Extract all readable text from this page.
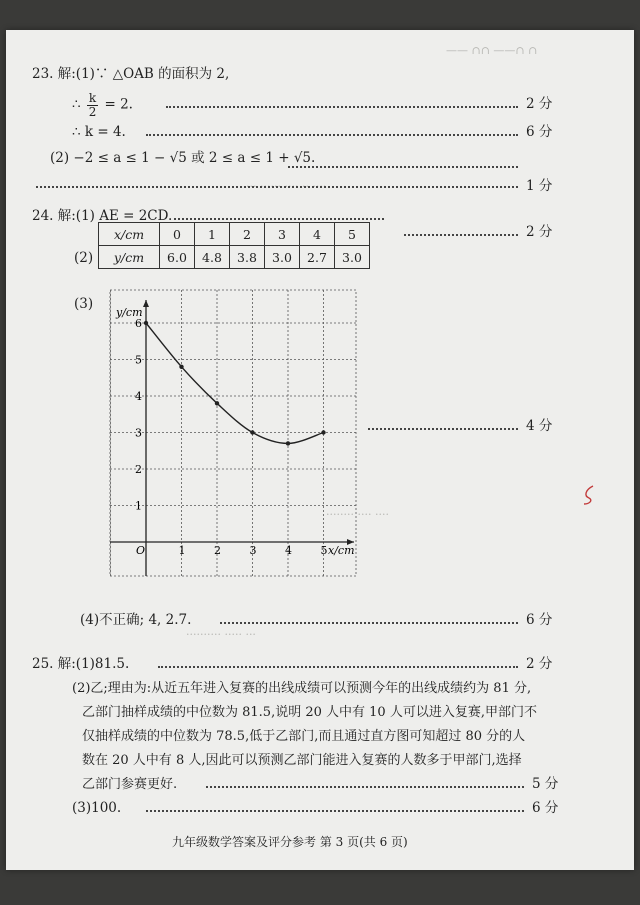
—— ∩∩ ——∩ ∩
··· ······ ···· ·· ····
········ ···· ····
·········· ····· ···
23. 解:(1)∵ △OAB 的面积为 2,
∴ $\frac{k}{2} = 2$.	2 分
∴ k = 4.	6 分
(2) −2 ≤ a ≤ 1 − √5 或 2 ≤ a ≤ 1 + √5.
1 分
24. 解:(1) AE = 2CD.
2 分
(2)
x/cm	0	1	2	3	4	5
y/cm	6.0	4.8	3.8	3.0	2.7	3.0
(3)
1	2	3	4	5
1
2
3
4
5
6
y/cm
x/cm
O
4 分
(4)不正确; 4, 2.7.	6 分
25. 解:(1)81.5.	2 分
(2)乙;理由为:从近五年进入复赛的出线成绩可以预测今年的出线成绩约为 81 分,
乙部门抽样成绩的中位数为 81.5,说明 20 人中有 10 人可以进入复赛,甲部门不
仅抽样成绩的中位数为 78.5,低于乙部门,而且通过直方图可知超过 80 分的人
数在 20 人中有 8 人,因此可以预测乙部门能进入复赛的人数多于甲部门,选择
乙部门参赛更好.	5 分
(3)100.	6 分
九年级数学答案及评分参考 第 3 页(共 6 页)
